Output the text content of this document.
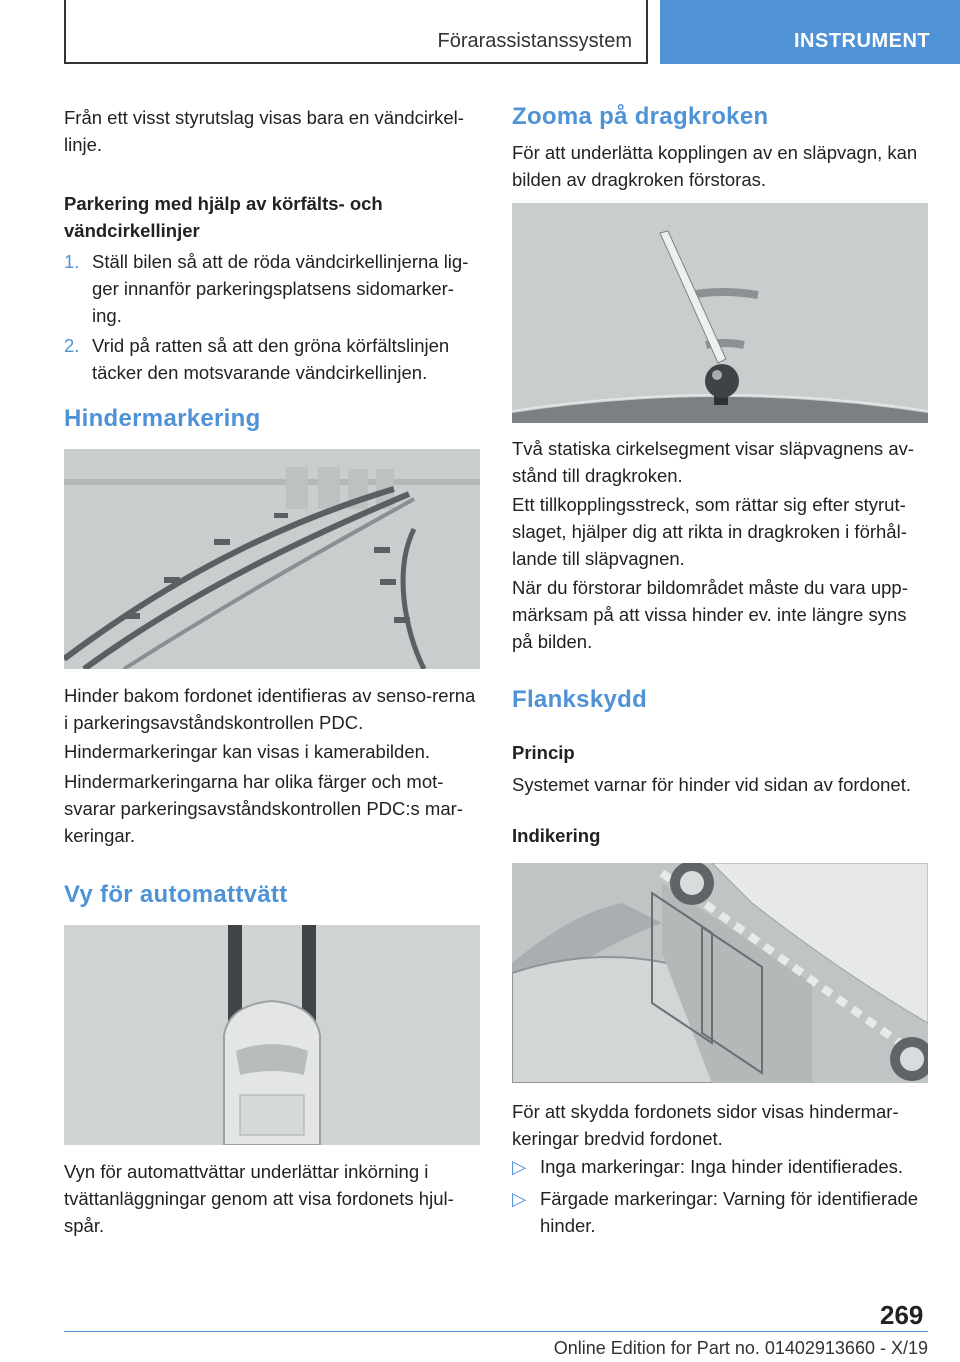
Förarassistanssystem	INSTRUMENT

Från ett visst styrutslag visas bara en vändcirkel-linje.

Parkering med hjälp av körfälts- och vändcirkellinjer

1. Ställ bilen så att de röda vändcirkellinjerna lig-ger innanför parkeringsplatsens sidomarker-ing.
2. Vrid på ratten så att den gröna körfältslinjen täcker den motsvarande vändcirkellinjen.
Hindermarkering

Hinder bakom fordonet identifieras av senso-rerna i parkeringsavståndskontrollen PDC.

Hindermarkeringar kan visas i kamerabilden.

Hindermarkeringarna har olika färger och mot-svarar parkeringsavståndskontrollen PDC:s mar-keringar.

Vy för automattvätt

Vyn för automattvättar underlättar inkörning i tvättanläggningar genom att visa fordonets hjul-spår.

Zooma på dragkroken

För att underlätta kopplingen av en släpvagn, kan bilden av dragkroken förstoras.

Två statiska cirkelsegment visar släpvagnens av-stånd till dragkroken.

Ett tillkopplingsstreck, som rättar sig efter styrut-slaget, hjälper dig att rikta in dragkroken i förhål-lande till släpvagnen.

När du förstorar bildområdet måste du vara upp-märksam på att vissa hinder ev. inte längre syns på bilden.

Flankskydd

Princip

Systemet varnar för hinder vid sidan av fordonet.

Indikering

För att skydda fordonets sidor visas hindermar-keringar bredvid fordonet.

▷ Inga markeringar: Inga hinder identifierades.
▷ Färgade markeringar: Varning för identifierade hinder.
269
Online Edition for Part no. 01402913660 - X/19
